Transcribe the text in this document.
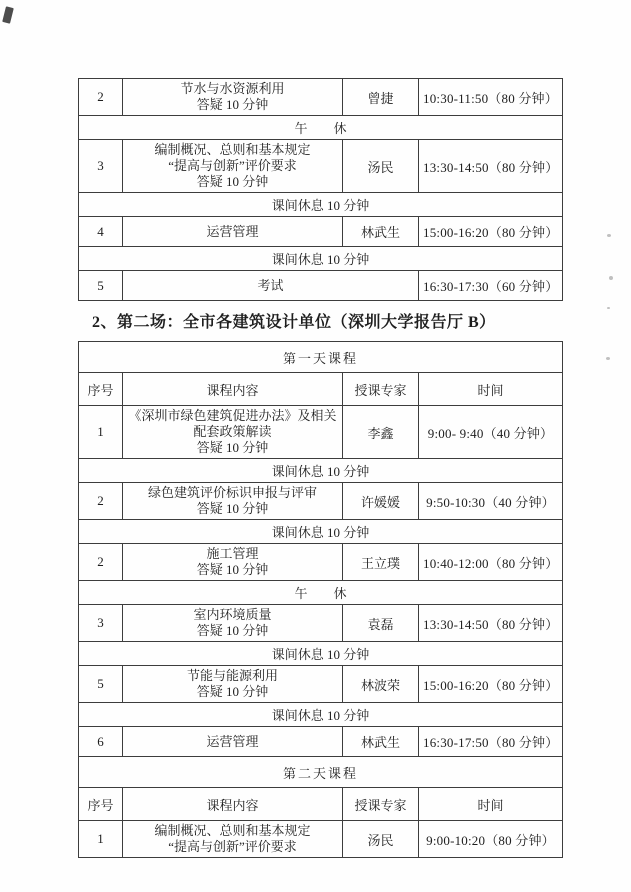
2	节水与水资源利用
答疑 10 分钟	曾捷	10:30-11:50（80 分钟）
午　　休			
3	编制概况、总则和基本规定
“提高与创新”评价要求
答疑 10 分钟	汤民	13:30-14:50（80 分钟）
课间休息 10 分钟			
4	运营管理	林武生	15:00-16:20（80 分钟）
课间休息 10 分钟			
5	考试		16:30-17:30（60 分钟）
2、第二场：全市各建筑设计单位（深圳大学报告厅 B）
第一天课程			
序号	课程内容	授课专家	时间
1	《深圳市绿色建筑促进办法》及相关
配套政策解读
答疑 10 分钟	李鑫	9:00- 9:40（40 分钟）
课间休息 10 分钟			
2	绿色建筑评价标识申报与评审
答疑 10 分钟	许媛媛	9:50-10:30（40 分钟）
课间休息 10 分钟			
2	施工管理
答疑 10 分钟	王立璞	10:40-12:00（80 分钟）
午　　休			
3	室内环境质量
答疑 10 分钟	袁磊	13:30-14:50（80 分钟）
课间休息 10 分钟			
5	节能与能源利用
答疑 10 分钟	林波荣	15:00-16:20（80 分钟）
课间休息 10 分钟			
6	运营管理	林武生	16:30-17:50（80 分钟）
第二天课程			
序号	课程内容	授课专家	时间
1	编制概况、总则和基本规定
“提高与创新”评价要求	汤民	9:00-10:20（80 分钟）
